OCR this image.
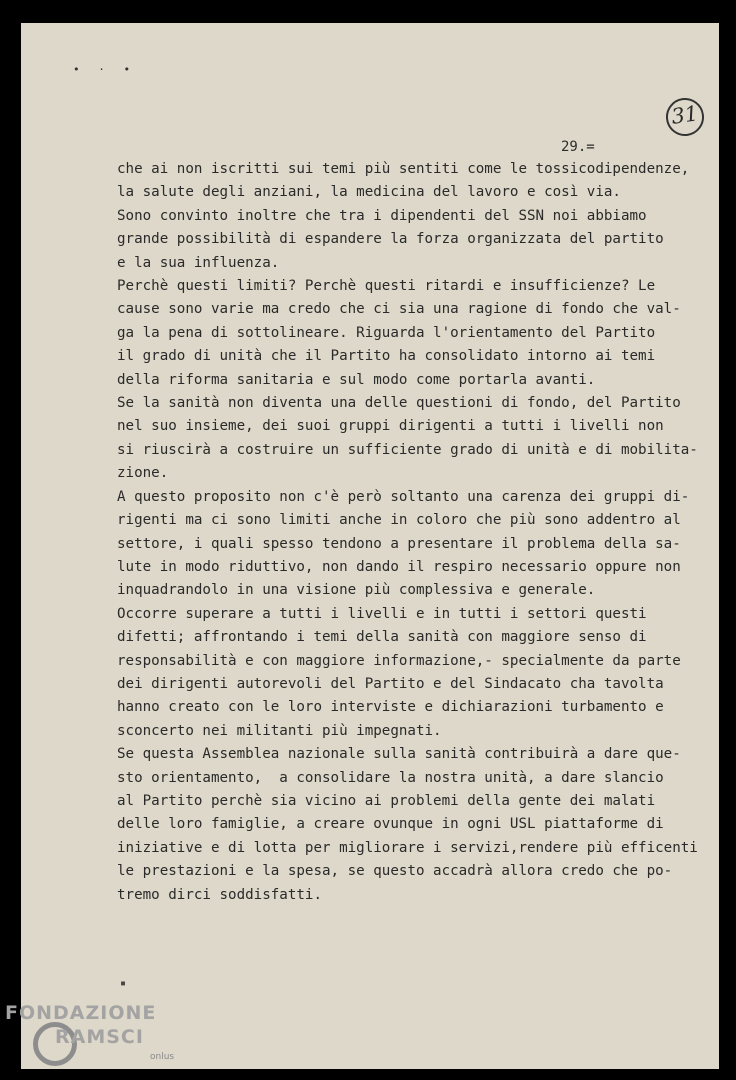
• · •
31
29.=
che ai non iscritti sui temi più sentiti come le tossicodipendenze,
la salute degli anziani, la medicina del lavoro e così via.
Sono convinto inoltre che tra i dipendenti del SSN noi abbiamo
grande possibilità di espandere la forza organizzata del partito
e la sua influenza.
Perchè questi limiti? Perchè questi ritardi e insufficienze? Le
cause sono varie ma credo che ci sia una ragione di fondo che val-
ga la pena di sottolineare. Riguarda l'orientamento del Partito
il grado di unità che il Partito ha consolidato intorno ai temi
della riforma sanitaria e sul modo come portarla avanti.
Se la sanità non diventa una delle questioni di fondo, del Partito
nel suo insieme, dei suoi gruppi dirigenti a tutti i livelli non
si riuscirà a costruire un sufficiente grado di unità e di mobilita-
zione.
A questo proposito non c'è però soltanto una carenza dei gruppi di-
rigenti ma ci sono limiti anche in coloro che più sono addentro al
settore, i quali spesso tendono a presentare il problema della sa-
lute in modo riduttivo, non dando il respiro necessario oppure non
inquadrandolo in una visione più complessiva e generale.
Occorre superare a tutti i livelli e in tutti i settori questi
difetti; affrontando i temi della sanità con maggiore senso di
responsabilità e con maggiore informazione,- specialmente da parte
dei dirigenti autorevoli del Partito e del Sindacato cha tavolta
hanno creato con le loro interviste e dichiarazioni turbamento e
sconcerto nei militanti più impegnati.
Se questa Assemblea nazionale sulla sanità contribuirà a dare que-
sto orientamento,  a consolidare la nostra unità, a dare slancio
al Partito perchè sia vicino ai problemi della gente dei malati
delle loro famiglie, a creare ovunque in ogni USL piattaforme di
iniziative e di lotta per migliorare i servizi,rendere più efficenti
le prestazioni e la spesa, se questo accadrà allora credo che po-
tremo dirci soddisfatti.
▪
FONDAZIONE
RAMSCI
onlus
